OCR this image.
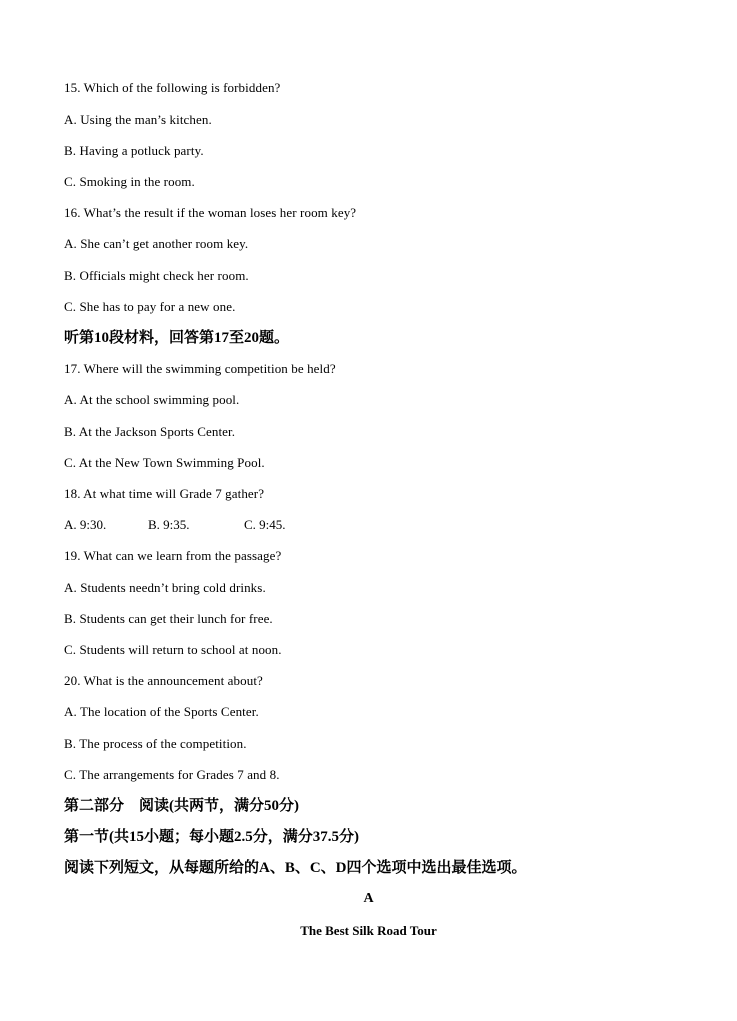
15. Which of the following is forbidden?
A. Using the man’s kitchen.
B. Having a potluck party.
C. Smoking in the room.
16. What’s the result if the woman loses her room key?
A. She can’t get another room key.
B. Officials might check her room.
C. She has to pay for a new one.
听第10段材料，回答第17至20题。
17. Where will the swimming competition be held?
A. At the school swimming pool.
B. At the Jackson Sports Center.
C. At the New Town Swimming Pool.
18. At what time will Grade 7 gather?
A. 9:30.	B. 9:35.	C. 9:45.
19. What can we learn from the passage?
A. Students needn’t bring cold drinks.
B. Students can get their lunch for free.
C. Students will return to school at noon.
20. What is the announcement about?
A. The location of the Sports Center.
B. The process of the competition.
C. The arrangements for Grades 7 and 8.
第二部分　阅读(共两节，满分50分)
第一节(共15小题；每小题2.5分，满分37.5分)
阅读下列短文，从每题所给的A、B、C、D四个选项中选出最佳选项。
A
The Best Silk Road Tour
